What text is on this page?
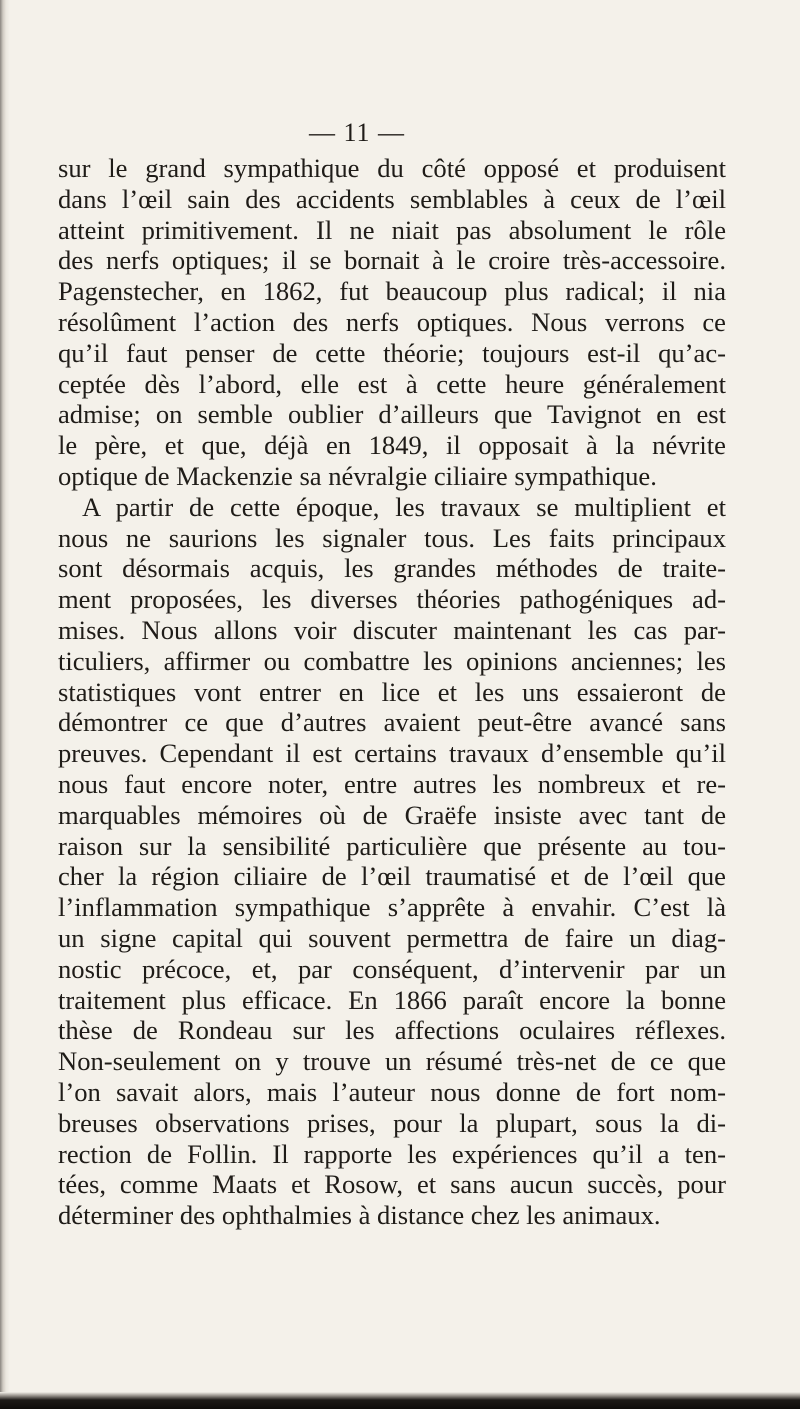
— 11 —
sur le grand sympathique du côté opposé et produisent
dans l’œil sain des accidents semblables à ceux de l’œil
atteint primitivement. Il ne niait pas absolument le rôle
des nerfs optiques; il se bornait à le croire très-accessoire.
Pagenstecher, en 1862, fut beaucoup plus radical; il nia
résolûment l’action des nerfs optiques. Nous verrons ce
qu’il faut penser de cette théorie; toujours est-il qu’ac-
ceptée dès l’abord, elle est à cette heure généralement
admise; on semble oublier d’ailleurs que Tavignot en est
le père, et que, déjà en 1849, il opposait à la névrite
optique de Mackenzie sa névralgie ciliaire sympathique.
A partir de cette époque, les travaux se multiplient et
nous ne saurions les signaler tous. Les faits principaux
sont désormais acquis, les grandes méthodes de traite-
ment proposées, les diverses théories pathogéniques ad-
mises. Nous allons voir discuter maintenant les cas par-
ticuliers, affirmer ou combattre les opinions anciennes; les
statistiques vont entrer en lice et les uns essaieront de
démontrer ce que d’autres avaient peut-être avancé sans
preuves. Cependant il est certains travaux d’ensemble qu’il
nous faut encore noter, entre autres les nombreux et re-
marquables mémoires où de Graëfe insiste avec tant de
raison sur la sensibilité particulière que présente au tou-
cher la région ciliaire de l’œil traumatisé et de l’œil que
l’inflammation sympathique s’apprête à envahir. C’est là
un signe capital qui souvent permettra de faire un diag-
nostic précoce, et, par conséquent, d’intervenir par un
traitement plus efficace. En 1866 paraît encore la bonne
thèse de Rondeau sur les affections oculaires réflexes.
Non-seulement on y trouve un résumé très-net de ce que
l’on savait alors, mais l’auteur nous donne de fort nom-
breuses observations prises, pour la plupart, sous la di-
rection de Follin. Il rapporte les expériences qu’il a ten-
tées, comme Maats et Rosow, et sans aucun succès, pour
déterminer des ophthalmies à distance chez les animaux.
